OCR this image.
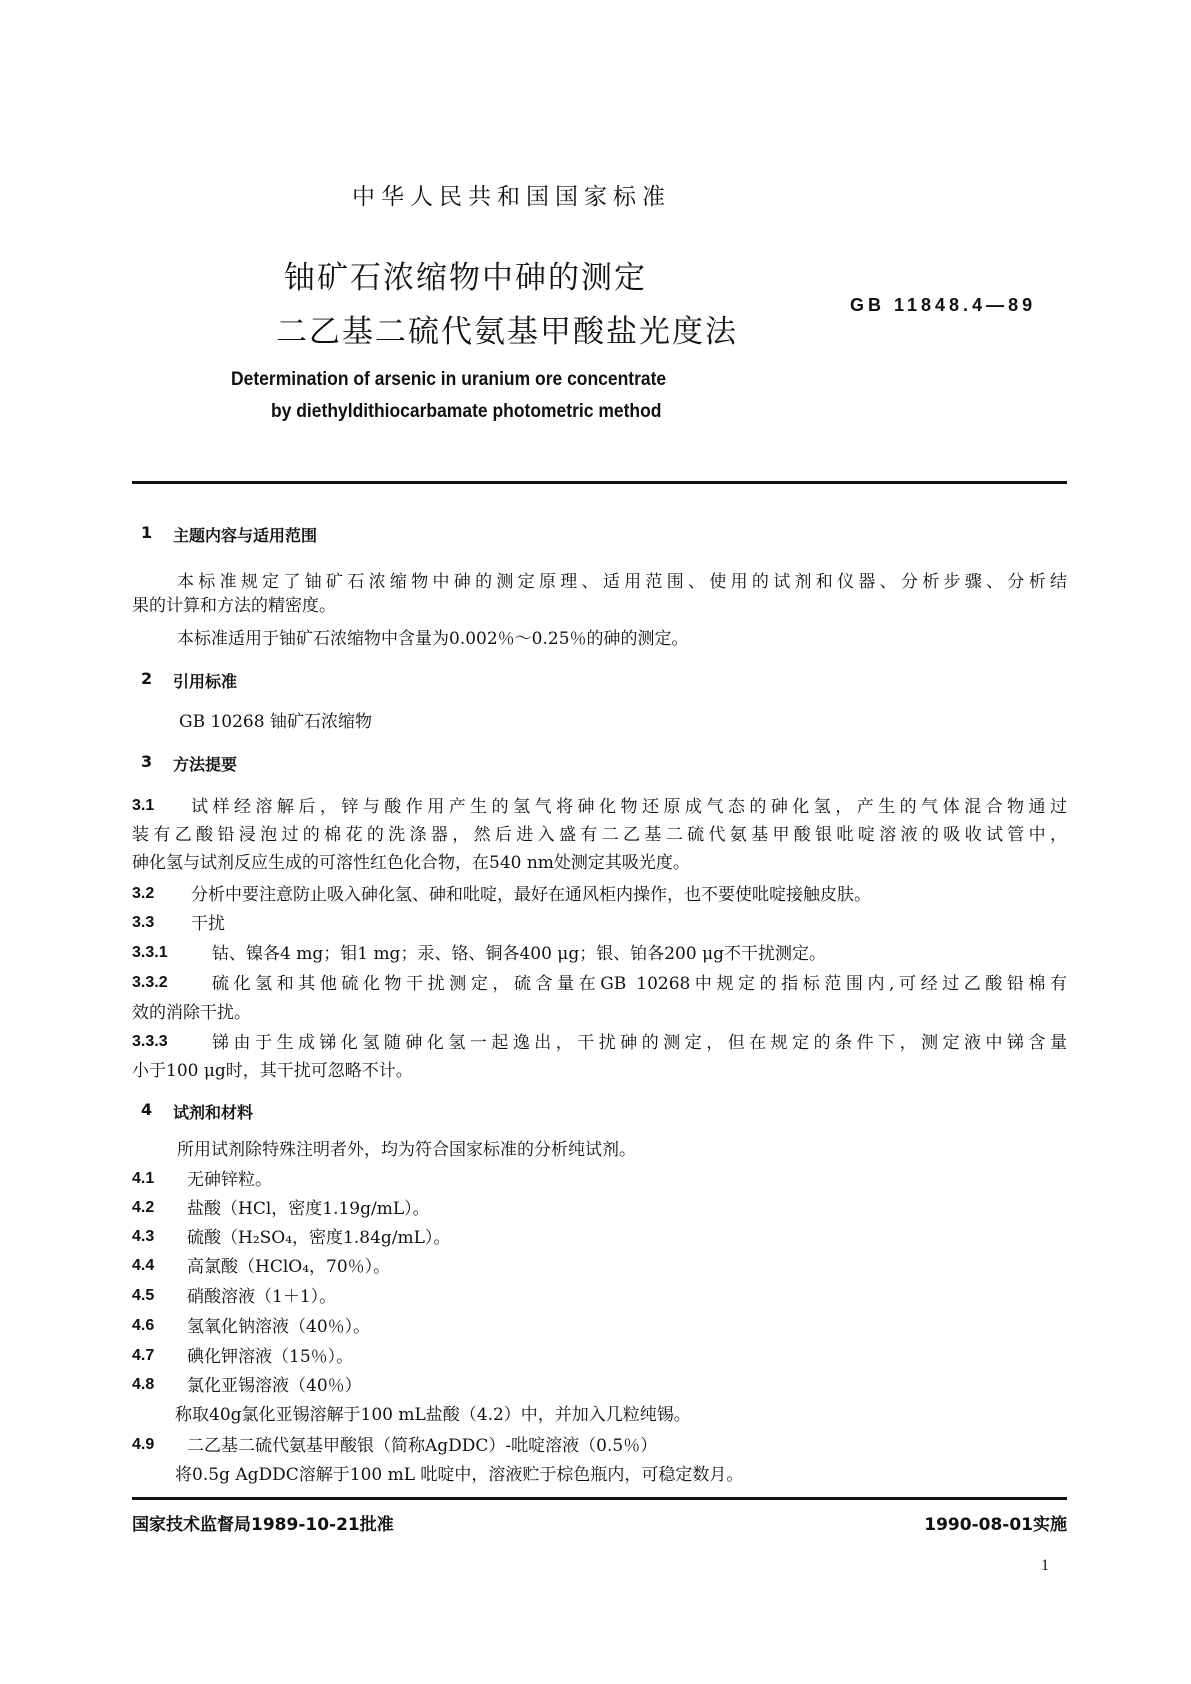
中华人民共和国国家标准
铀矿石浓缩物中砷的测定
二乙基二硫代氨基甲酸盐光度法
GB 11848.4—89
Determination of arsenic in uranium ore concentrate
by diethyldithiocarbamate photometric method
1 主题内容与适用范围
本标准规定了铀矿石浓缩物中砷的测定原理、适用范围、使用的试剂和仪器、分析步骤、分析结
果的计算和方法的精密度。
本标准适用于铀矿石浓缩物中含量为0.002％～0.25％的砷的测定。
2 引用标准
GB 10268 铀矿石浓缩物
3 方法提要
3.1 试样经溶解后，锌与酸作用产生的氢气将砷化物还原成气态的砷化氢，产生的气体混合物通过
装有乙酸铅浸泡过的棉花的洗涤器，然后进入盛有二乙基二硫代氨基甲酸银吡啶溶液的吸收试管中，
砷化氢与试剂反应生成的可溶性红色化合物，在540 nm处测定其吸光度。
3.2 分析中要注意防止吸入砷化氢、砷和吡啶，最好在通风柜内操作，也不要使吡啶接触皮肤。
3.3 干扰
3.3.1	钴、镍各4 mg；钼1 mg；汞、铬、铜各400 μg；银、铂各200 μg不干扰测定。
3.3.2	硫化氢和其他硫化物干扰测定，硫含量在GB 10268中规定的指标范围内,可经过乙酸铅棉有
效的消除干扰。
3.3.3	锑由于生成锑化氢随砷化氢一起逸出，干扰砷的测定，但在规定的条件下，测定液中锑含量
小于100 μg时，其干扰可忽略不计。
4 试剂和材料
所用试剂除特殊注明者外，均为符合国家标准的分析纯试剂。
4.1 无砷锌粒。
4.2 盐酸（HCl，密度1.19g/mL）。
4.3 硫酸（H₂SO₄，密度1.84g/mL）。
4.4 高氯酸（HClO₄，70％）。
4.5 硝酸溶液（1＋1）。
4.6 氢氧化钠溶液（40％）。
4.7 碘化钾溶液（15％）。
4.8 氯化亚锡溶液（40％）
称取40g氯化亚锡溶解于100 mL盐酸（4.2）中，并加入几粒纯锡。
4.9 二乙基二硫代氨基甲酸银（简称AgDDC）-吡啶溶液（0.5％）
将0.5g AgDDC溶解于100 mL 吡啶中，溶液贮于棕色瓶内，可稳定数月。
国家技术监督局1989-10-21批准	1990-08-01实施
1
